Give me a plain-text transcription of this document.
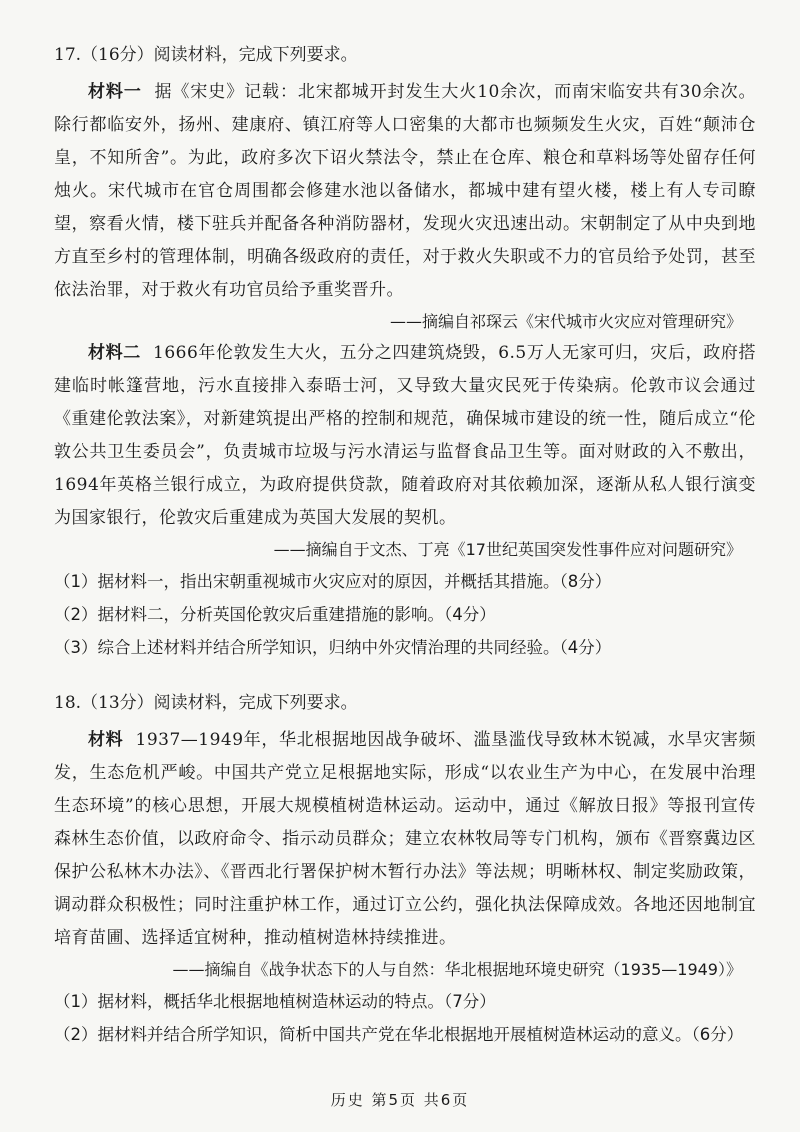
17.（16分）阅读材料，完成下列要求。

材料一 据《宋史》记载：北宋都城开封发生大火10余次，而南宋临安共有30余次。除行都临安外，扬州、建康府、镇江府等人口密集的大都市也频频发生火灾，百姓“颠沛仓皇，不知所舍”。为此，政府多次下诏火禁法令，禁止在仓库、粮仓和草料场等处留存任何烛火。宋代城市在官仓周围都会修建水池以备储水，都城中建有望火楼，楼上有人专司瞭望，察看火情，楼下驻兵并配备各种消防器材，发现火灾迅速出动。宋朝制定了从中央到地方直至乡村的管理体制，明确各级政府的责任，对于救火失职或不力的官员给予处罚，甚至依法治罪，对于救火有功官员给予重奖晋升。

——摘编自祁琛云《宋代城市火灾应对管理研究》

材料二 1666年伦敦发生大火，五分之四建筑烧毁，6.5万人无家可归，灾后，政府搭建临时帐篷营地，污水直接排入泰晤士河，又导致大量灾民死于传染病。伦敦市议会通过《重建伦敦法案》，对新建筑提出严格的控制和规范，确保城市建设的统一性，随后成立“伦敦公共卫生委员会”，负责城市垃圾与污水清运与监督食品卫生等。面对财政的入不敷出，1694年英格兰银行成立，为政府提供贷款，随着政府对其依赖加深，逐渐从私人银行演变为国家银行，伦敦灾后重建成为英国大发展的契机。

——摘编自于文杰、丁亮《17世纪英国突发性事件应对问题研究》

（1）据材料一，指出宋朝重视城市火灾应对的原因，并概括其措施。（8分）

（2）据材料二，分析英国伦敦灾后重建措施的影响。（4分）

（3）综合上述材料并结合所学知识，归纳中外灾情治理的共同经验。（4分）

18.（13分）阅读材料，完成下列要求。

材料 1937—1949年，华北根据地因战争破坏、滥垦滥伐导致林木锐减，水旱灾害频发，生态危机严峻。中国共产党立足根据地实际，形成“以农业生产为中心，在发展中治理生态环境”的核心思想，开展大规模植树造林运动。运动中，通过《解放日报》等报刊宣传森林生态价值，以政府命令、指示动员群众；建立农林牧局等专门机构，颁布《晋察冀边区保护公私林木办法》、《晋西北行署保护树木暂行办法》等法规；明晰林权、制定奖励政策，调动群众积极性；同时注重护林工作，通过订立公约，强化执法保障成效。各地还因地制宜培育苗圃、选择适宜树种，推动植树造林持续推进。

——摘编自《战争状态下的人与自然：华北根据地环境史研究（1935—1949）》

（1）据材料，概括华北根据地植树造林运动的特点。（7分）

（2）据材料并结合所学知识，简析中国共产党在华北根据地开展植树造林运动的意义。（6分）

历史 第5页 共6页
